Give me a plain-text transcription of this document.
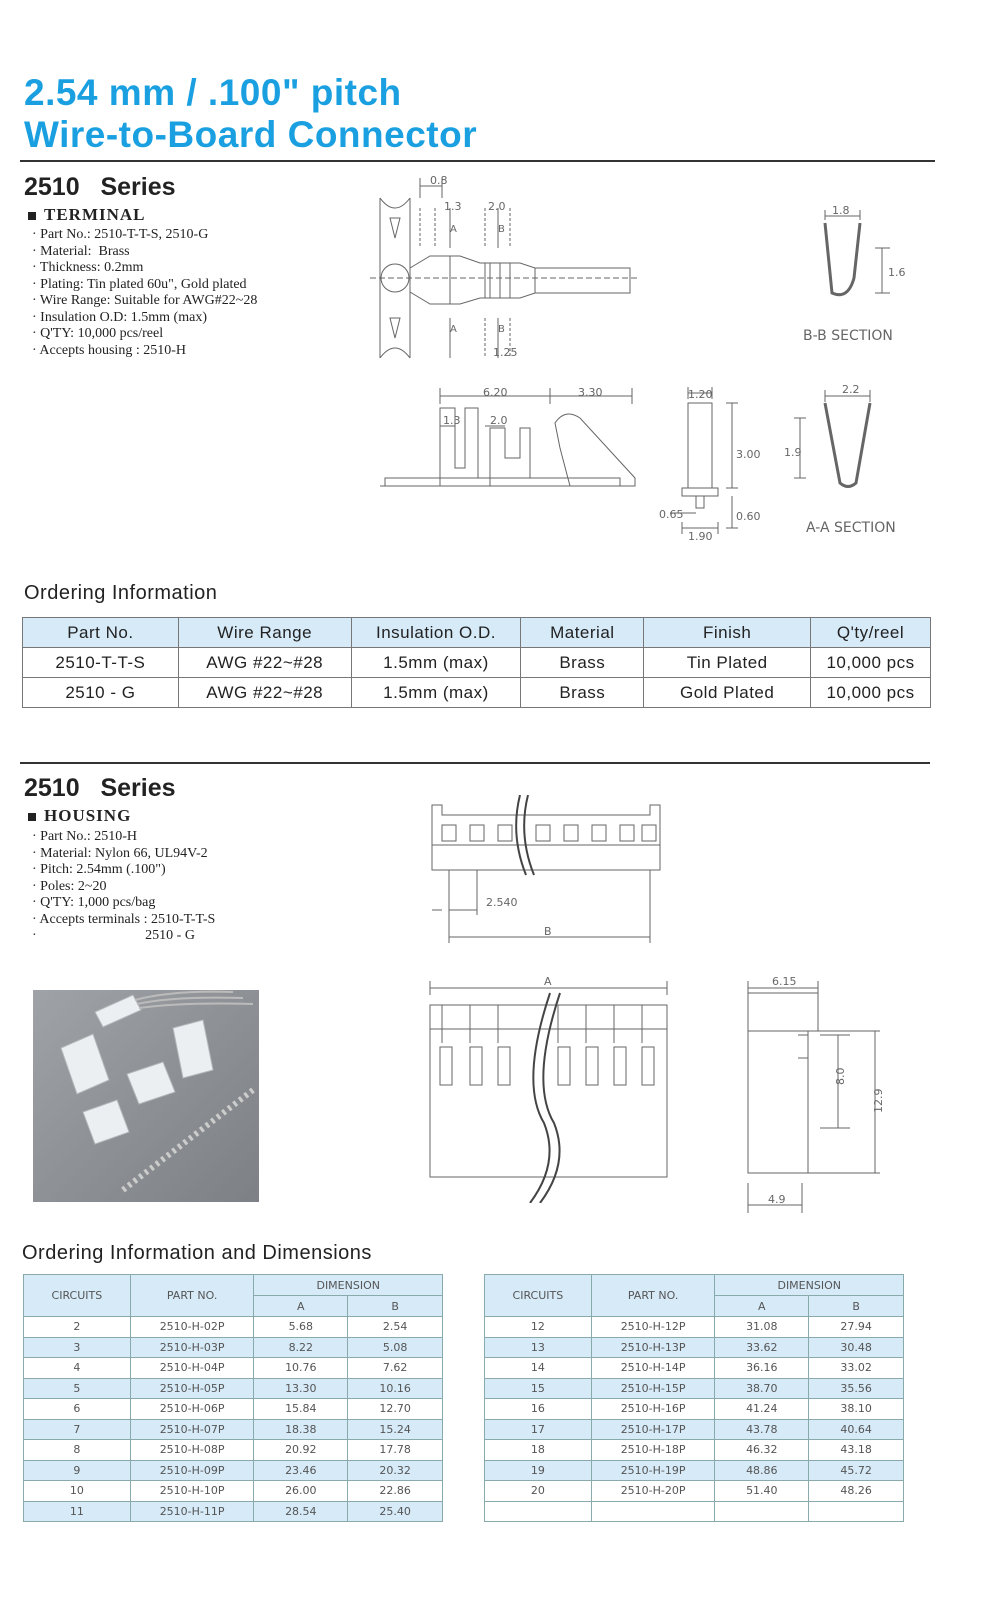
2.54 mm / .100" pitch
Wire-to-Board Connector
2510   Series
TERMINAL
· Part No.: 2510-T-T-S, 2510-G
· Material:  Brass
· Thickness: 0.2mm
· Plating: Tin plated 60u", Gold plated
· Wire Range: Suitable for AWG#22~28
· Insulation O.D: 1.5mm (max)
· Q'TY: 10,000 pcs/reel
· Accepts housing : 2510-H
0.8
1.3 2.0
1.25
A
A
B
B
1.8
1.6
B-B SECTION
6.20	3.30
1.3	2.0
1.20
3.00
0.65	0.60
1.90
2.2
1.9
A-A SECTION
Ordering Information
Part No.	Wire Range	Insulation O.D.	Material	Finish	Q'ty/reel
2510-T-T-S	AWG #22~#28	1.5mm (max)	Brass	Tin Plated	10,000 pcs
2510 - G	AWG #22~#28	1.5mm (max)	Brass	Gold Plated	10,000 pcs
2510   Series
HOUSING
· Part No.: 2510-H
· Material: Nylon 66, UL94V-2
· Pitch: 2.54mm (.100")
· Poles: 2~20
· Q'TY: 1,000 pcs/bag
· Accepts terminals : 2510-T-T-S
·                               2510 - G
2.540
B
A	6.15
8.0
12.9
4.9
Ordering Information and Dimensions
CIRCUITS	PART NO.	DIMENSION	
		A	B
2	2510-H-02P	5.68	2.54
3	2510-H-03P	8.22	5.08
4	2510-H-04P	10.76	7.62
5	2510-H-05P	13.30	10.16
6	2510-H-06P	15.84	12.70
7	2510-H-07P	18.38	15.24
8	2510-H-08P	20.92	17.78
9	2510-H-09P	23.46	20.32
10	2510-H-10P	26.00	22.86
11	2510-H-11P	28.54	25.40
CIRCUITS	PART NO.	DIMENSION	
		A	B
12	2510-H-12P	31.08	27.94
13	2510-H-13P	33.62	30.48
14	2510-H-14P	36.16	33.02
15	2510-H-15P	38.70	35.56
16	2510-H-16P	41.24	38.10
17	2510-H-17P	43.78	40.64
18	2510-H-18P	46.32	43.18
19	2510-H-19P	48.86	45.72
20	2510-H-20P	51.40	48.26
